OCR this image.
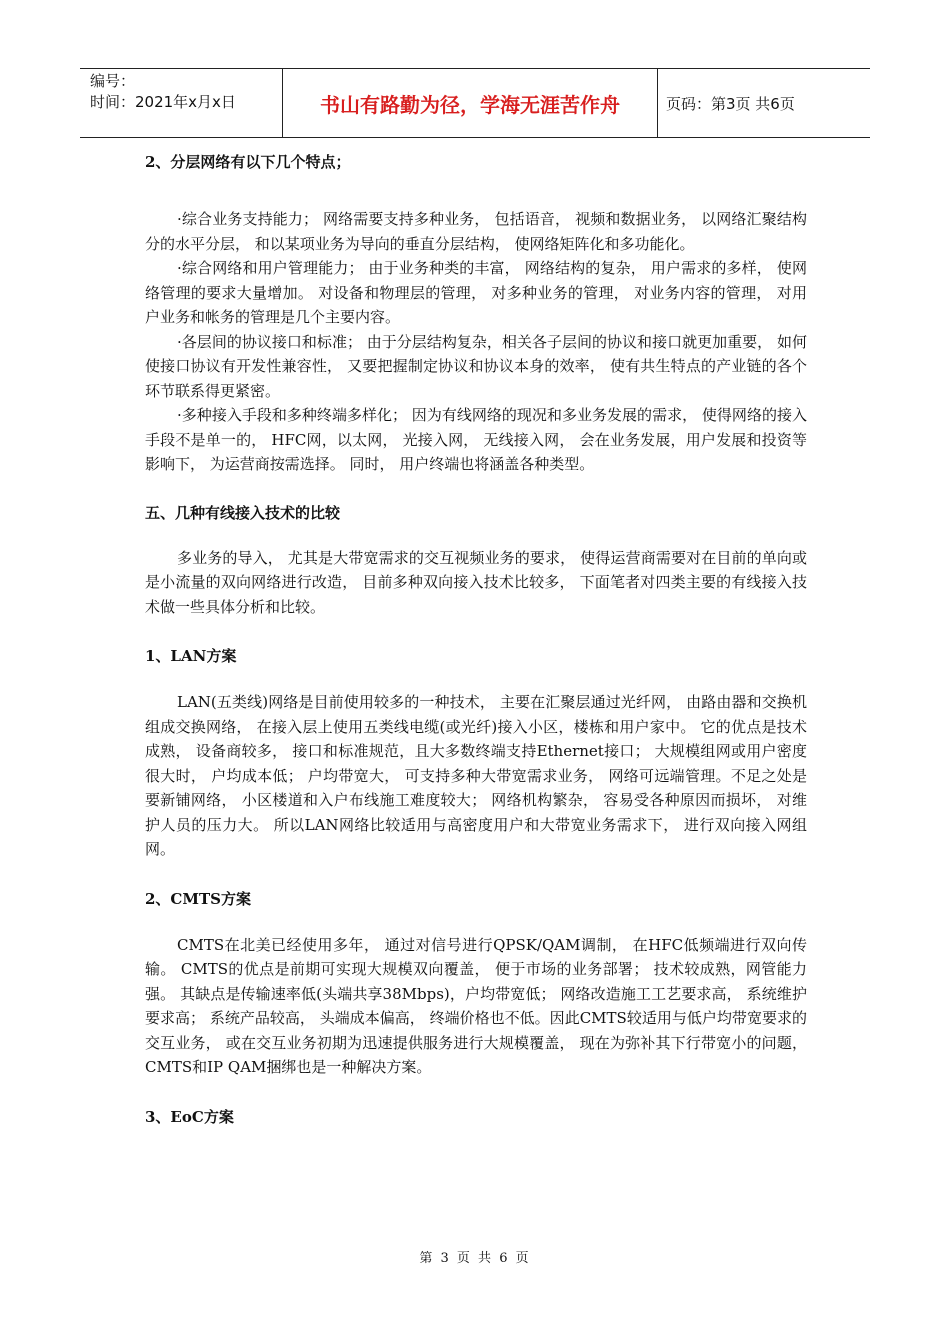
编号：
时间：2021年x月x日	书山有路勤为径，学海无涯苦作舟	页码：第3页 共6页

2、分层网络有以下几个特点；

·综合业务支持能力； 网络需要支持多种业务， 包括语音， 视频和数据业务， 以网络汇聚结构分的水平分层， 和以某项业务为导向的垂直分层结构， 使网络矩阵化和多功能化。

·综合网络和用户管理能力； 由于业务种类的丰富， 网络结构的复杂， 用户需求的多样， 使网络管理的要求大量增加。 对设备和物理层的管理， 对多种业务的管理， 对业务内容的管理， 对用户业务和帐务的管理是几个主要内容。

·各层间的协议接口和标准； 由于分层结构复杂，相关各子层间的协议和接口就更加重要， 如何使接口协议有开发性兼容性， 又要把握制定协议和协议本身的效率， 使有共生特点的产业链的各个环节联系得更紧密。

·多种接入手段和多种终端多样化； 因为有线网络的现况和多业务发展的需求， 使得网络的接入手段不是单一的， HFC网，以太网， 光接入网， 无线接入网， 会在业务发展，用户发展和投资等影响下， 为运营商按需选择。 同时， 用户终端也将涵盖各种类型。

五、几种有线接入技术的比较

多业务的导入， 尤其是大带宽需求的交互视频业务的要求， 使得运营商需要对在目前的单向或是小流量的双向网络进行改造， 目前多种双向接入技术比较多， 下面笔者对四类主要的有线接入技术做一些具体分析和比较。

1、LAN方案

LAN(五类线)网络是目前使用较多的一种技术， 主要在汇聚层通过光纤网， 由路由器和交换机组成交换网络， 在接入层上使用五类线电缆(或光纤)接入小区，楼栋和用户家中。 它的优点是技术成熟， 设备商较多， 接口和标准规范，且大多数终端支持Ethernet接口； 大规模组网或用户密度很大时， 户均成本低； 户均带宽大， 可支持多种大带宽需求业务， 网络可远端管理。不足之处是要新铺网络， 小区楼道和入户布线施工难度较大； 网络机构繁杂， 容易受各种原因而损坏， 对维护人员的压力大。 所以LAN网络比较适用与高密度用户和大带宽业务需求下， 进行双向接入网组网。

2、CMTS方案

CMTS在北美已经使用多年， 通过对信号进行QPSK/QAM调制， 在HFC低频端进行双向传输。 CMTS的优点是前期可实现大规模双向覆盖， 便于市场的业务部署； 技术较成熟，网管能力强。 其缺点是传输速率低(头端共享38Mbps)，户均带宽低； 网络改造施工工艺要求高， 系统维护要求高； 系统产品较高， 头端成本偏高， 终端价格也不低。因此CMTS较适用与低户均带宽要求的交互业务， 或在交互业务初期为迅速提供服务进行大规模覆盖， 现在为弥补其下行带宽小的问题， CMTS和IP QAM捆绑也是一种解决方案。

3、EoC方案

第 3 页 共 6 页
